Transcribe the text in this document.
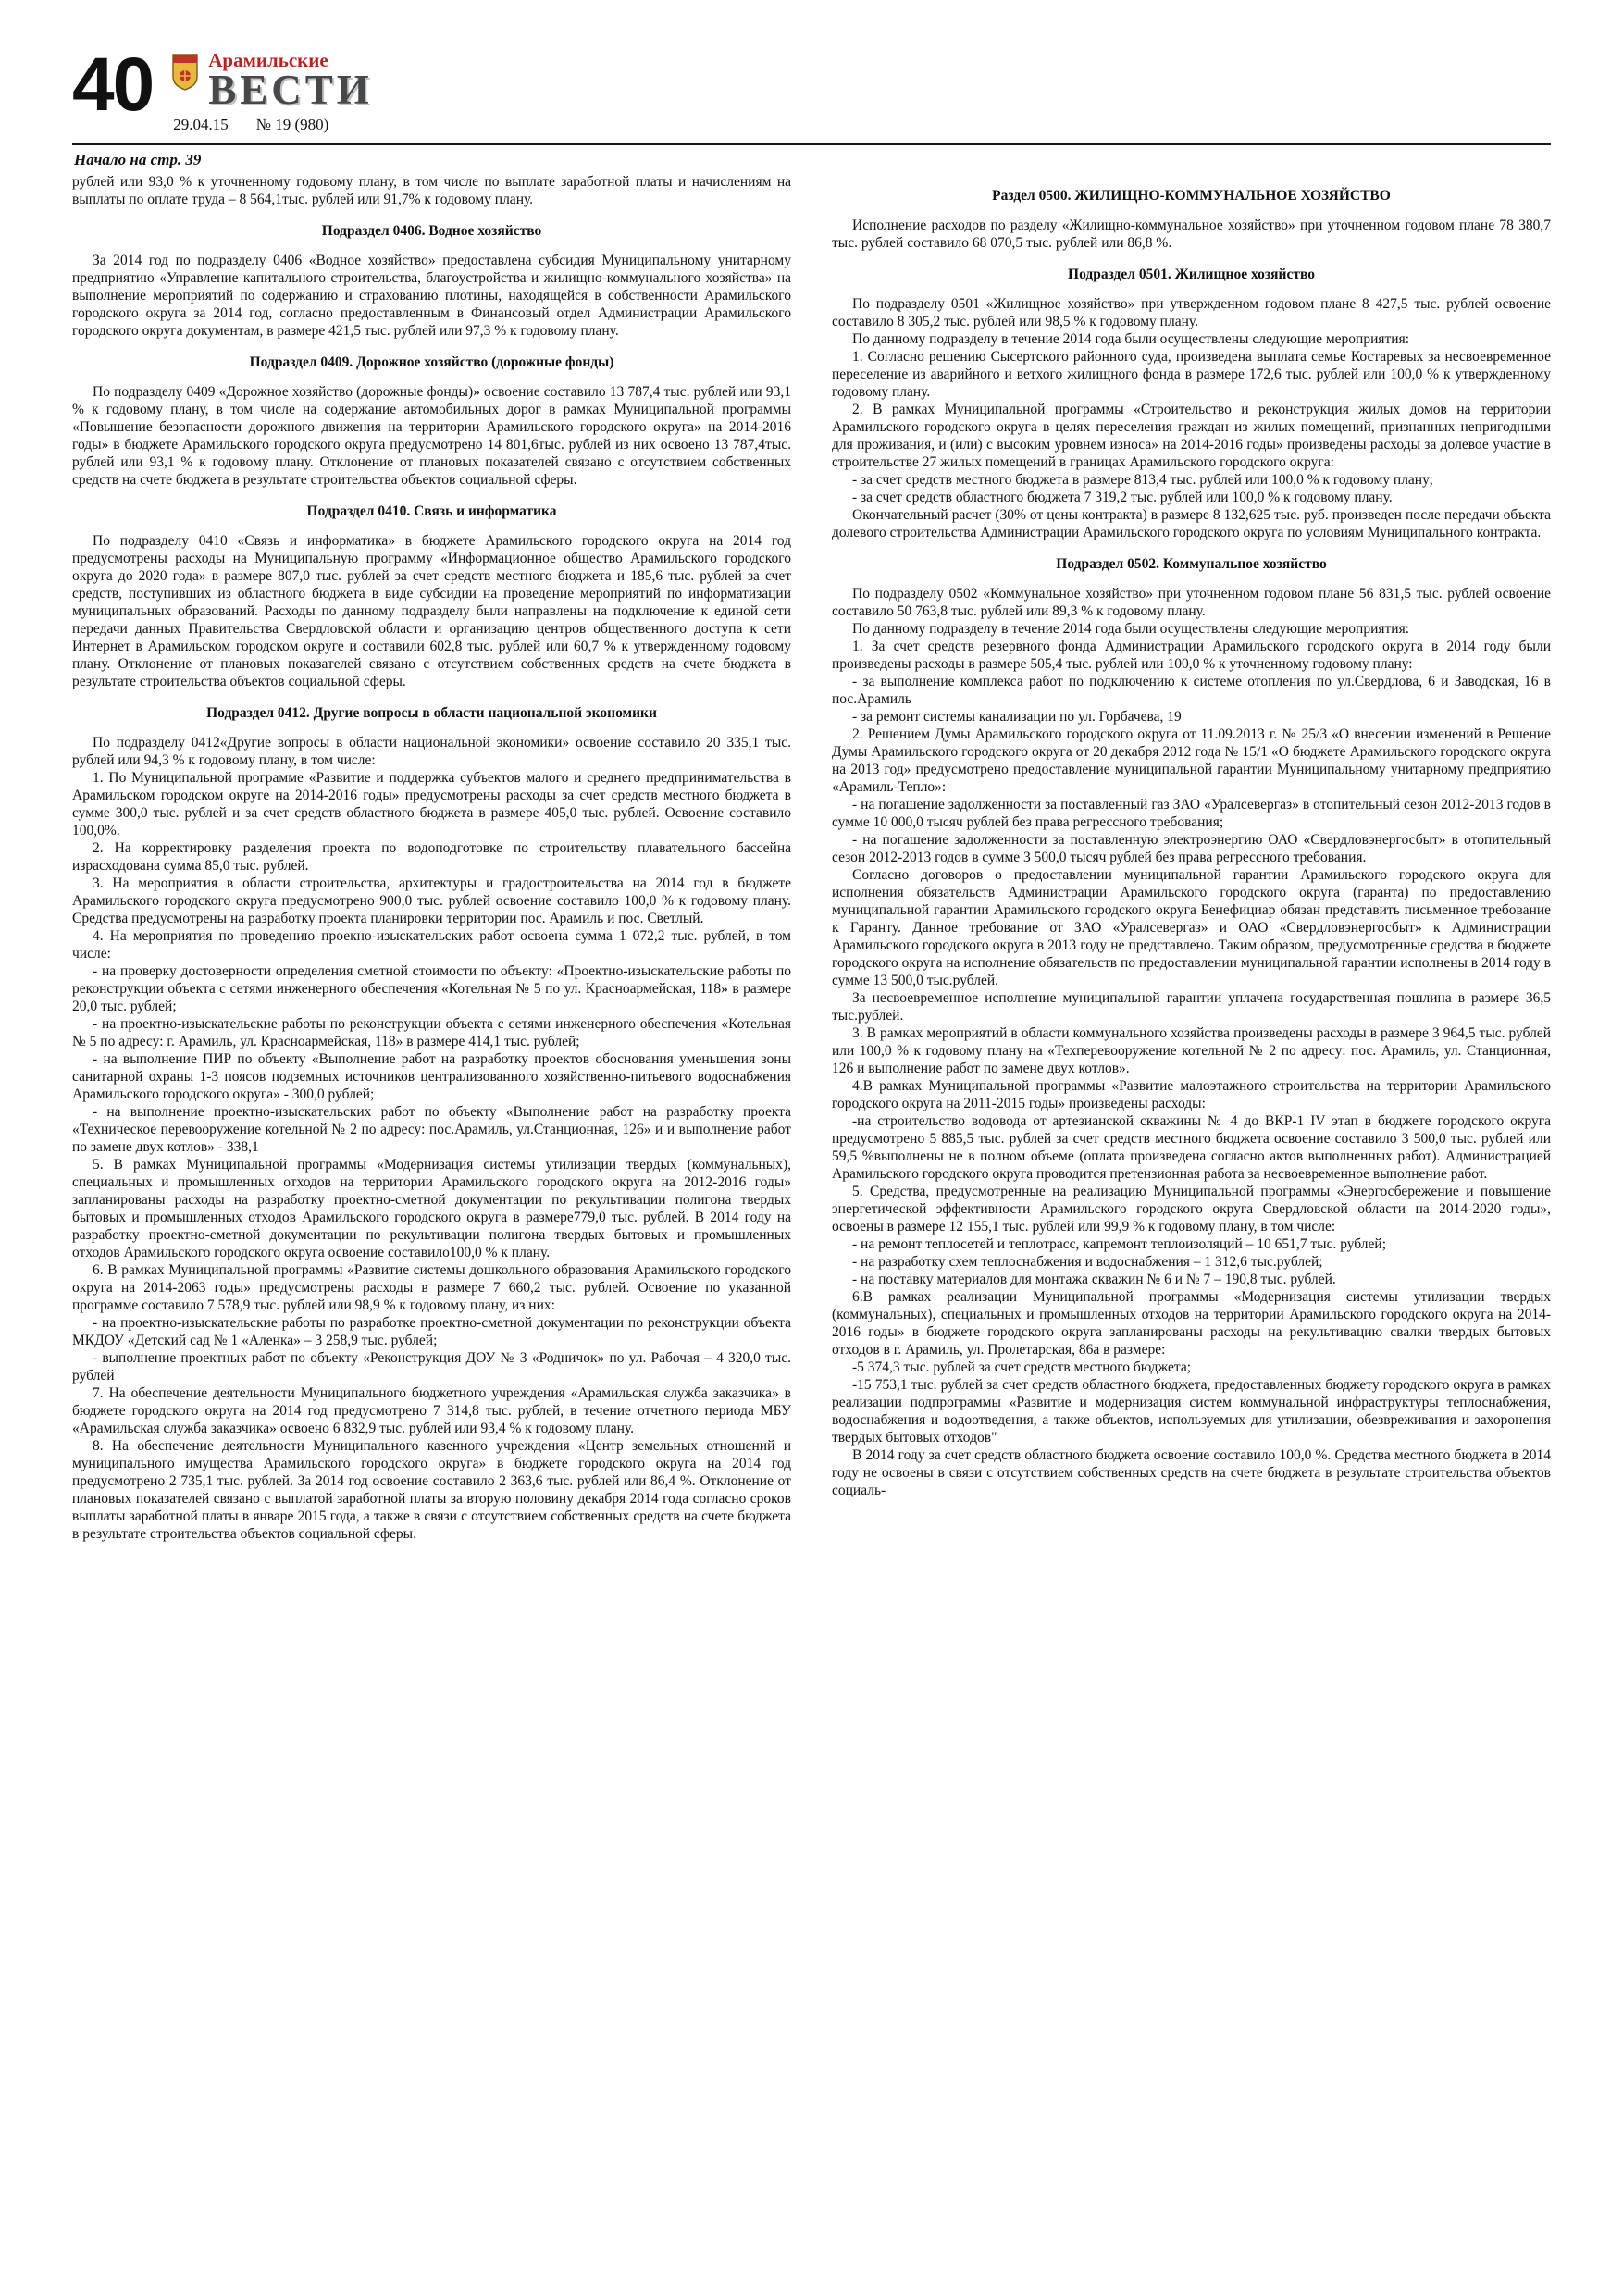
40	Арамильские
ВЕСТИ
29.04.15 № 19 (980)
Начало на стр. 39

рублей или 93,0 % к уточненному годовому плану, в том числе по выплате заработной платы и начислениям на выплаты по оплате труда – 8 564,1тыс. рублей или 91,7% к годовому плану.

Подраздел 0406. Водное хозяйство

За 2014 год по подразделу 0406 «Водное хозяйство» предоставлена субсидия Муниципальному унитарному предприятию «Управление капитального строительства, благоустройства и жилищно-коммунального хозяйства» на выполнение мероприятий по содержанию и страхованию плотины, находящейся в собственности Арамильского городского округа за 2014 год, согласно предоставленным в Финансовый отдел Администрации Арамильского городского округа документам, в размере 421,5 тыс. рублей или 97,3 % к годовому плану.

Подраздел 0409. Дорожное хозяйство (дорожные фонды)

По подразделу 0409 «Дорожное хозяйство (дорожные фонды)» освоение составило 13 787,4 тыс. рублей или 93,1 % к годовому плану, в том числе на содержание автомобильных дорог в рамках Муниципальной программы «Повышение безопасности дорожного движения на территории Арамильского городского округа» на 2014-2016 годы» в бюджете Арамильского городского округа предусмотрено 14 801,6тыс. рублей из них освоено 13 787,4тыс. рублей или 93,1 % к годовому плану. Отклонение от плановых показателей связано с отсутствием собственных средств на счете бюджета в результате строительства объектов социальной сферы.

Подраздел 0410. Связь и информатика

По подразделу 0410 «Связь и информатика» в бюджете Арамильского городского округа на 2014 год предусмотрены расходы на Муниципальную программу «Информационное общество Арамильского городского округа до 2020 года» в размере 807,0 тыс. рублей за счет средств местного бюджета и 185,6 тыс. рублей за счет средств, поступивших из областного бюджета в виде субсидии на проведение мероприятий по информатизации муниципальных образований. Расходы по данному подразделу были направлены на подключение к единой сети передачи данных Правительства Свердловской области и организацию центров общественного доступа к сети Интернет в Арамильском городском округе и составили 602,8 тыс. рублей или 60,7 % к утвержденному годовому плану. Отклонение от плановых показателей связано с отсутствием собственных средств на счете бюджета в результате строительства объектов социальной сферы.

Подраздел 0412. Другие вопросы в области национальной экономики

По подразделу 0412«Другие вопросы в области национальной экономики» освоение составило 20 335,1 тыс. рублей или 94,3 % к годовому плану, в том числе:

1. По Муниципальной программе «Развитие и поддержка субъектов малого и среднего предпринимательства в Арамильском городском округе на 2014-2016 годы» предусмотрены расходы за счет средств местного бюджета в сумме 300,0 тыс. рублей и за счет средств областного бюджета в размере 405,0 тыс. рублей. Освоение составило 100,0%.

2. На корректировку разделения проекта по водоподготовке по строительству плавательного бассейна израсходована сумма 85,0 тыс. рублей.

3. На мероприятия в области строительства, архитектуры и градостроительства на 2014 год в бюджете Арамильского городского округа предусмотрено 900,0 тыс. рублей освоение составило 100,0 % к годовому плану. Средства предусмотрены на разработку проекта планировки территории пос. Арамиль и пос. Светлый.

4. На мероприятия по проведению проекно-изыскательских работ освоена сумма 1 072,2 тыс. рублей, в том числе:

- на проверку достоверности определения сметной стоимости по объекту: «Проектно-изыскательские работы по реконструкции объекта с сетями инженерного обеспечения «Котельная № 5 по ул. Красноармейская, 118» в размере 20,0 тыс. рублей;

- на проектно-изыскательские работы по реконструкции объекта с сетями инженерного обеспечения «Котельная № 5 по адресу: г. Арамиль, ул. Красноармейская, 118» в размере 414,1 тыс. рублей;

- на выполнение ПИР по объекту «Выполнение работ на разработку проектов обоснования уменьшения зоны санитарной охраны 1-3 поясов подземных источников централизованного хозяйственно-питьевого водоснабжения Арамильского городского округа» - 300,0 рублей;

- на выполнение проектно-изыскательских работ по объекту «Выполнение работ на разработку проекта «Техническое перевооружение котельной № 2 по адресу: пос.Арамиль, ул.Станционная, 126» и и выполнение работ по замене двух котлов» - 338,1

5. В рамках Муниципальной программы «Модернизация системы утилизации твердых (коммунальных), специальных и промышленных отходов на территории Арамильского городского округа на 2012-2016 годы» запланированы расходы на разработку проектно-сметной документации по рекультивации полигона твердых бытовых и промышленных отходов Арамильского городского округа в размере779,0 тыс. рублей. В 2014 году на разработку проектно-сметной документации по рекультивации полигона твердых бытовых и промышленных отходов Арамильского городского округа освоение составило100,0 % к плану.

6. В рамках Муниципальной программы «Развитие системы дошкольного образования Арамильского городского округа на 2014-2063 годы» предусмотрены расходы в размере 7 660,2 тыс. рублей. Освоение по указанной программе составило 7 578,9 тыс. рублей или 98,9 % к годовому плану, из них:

- на проектно-изыскательские работы по разработке проектно-сметной документации по реконструкции объекта МКДОУ «Детский сад № 1 «Аленка» – 3 258,9 тыс. рублей;

- выполнение проектных работ по объекту «Реконструкция ДОУ № 3 «Родничок» по ул. Рабочая – 4 320,0 тыс. рублей

7. На обеспечение деятельности Муниципального бюджетного учреждения «Арамильская служба заказчика» в бюджете городского округа на 2014 год предусмотрено 7 314,8 тыс. рублей, в течение отчетного периода МБУ «Арамильская служба заказчика» освоено 6 832,9 тыс. рублей или 93,4 % к годовому плану.

8. На обеспечение деятельности Муниципального казенного учреждения «Центр земельных отношений и муниципального имущества Арамильского городского округа» в бюджете городского округа на 2014 год предусмотрено 2 735,1 тыс. рублей. За 2014 год освоение составило 2 363,6 тыс. рублей или 86,4 %. Отклонение от плановых показателей связано с выплатой заработной платы за вторую половину декабря 2014 года согласно сроков выплаты заработной платы в январе 2015 года, а также в связи с отсутствием собственных средств на счете бюджета в результате строительства объектов социальной сферы.

Раздел 0500. ЖИЛИЩНО-КОММУНАЛЬНОЕ ХОЗЯЙСТВО

Исполнение расходов по разделу «Жилищно-коммунальное хозяйство» при уточненном годовом плане 78 380,7 тыс. рублей составило 68 070,5 тыс. рублей или 86,8 %.

Подраздел 0501. Жилищное хозяйство

По подразделу 0501 «Жилищное хозяйство» при утвержденном годовом плане 8 427,5 тыс. рублей освоение составило 8 305,2 тыс. рублей или 98,5 % к годовому плану.

По данному подразделу в течение 2014 года были осуществлены следующие мероприятия:

1. Согласно решению Сысертского районного суда, произведена выплата семье Костаревых за несвоевременное переселение из аварийного и ветхого жилищного фонда в размере 172,6 тыс. рублей или 100,0 % к утвержденному годовому плану.

2. В рамках Муниципальной программы «Строительство и реконструкция жилых домов на территории Арамильского городского округа в целях переселения граждан из жилых помещений, признанных непригодными для проживания, и (или) с высоким уровнем износа» на 2014-2016 годы» произведены расходы за долевое участие в строительстве 27 жилых помещений в границах Арамильского городского округа:

- за счет средств местного бюджета в размере 813,4 тыс. рублей или 100,0 % к годовому плану;

- за счет средств областного бюджета 7 319,2 тыс. рублей или 100,0 % к годовому плану.

Окончательный расчет (30% от цены контракта) в размере 8 132,625 тыс. руб. произведен после передачи объекта долевого строительства Администрации Арамильского городского округа по условиям Муниципального контракта.

Подраздел 0502. Коммунальное хозяйство

По подразделу 0502 «Коммунальное хозяйство» при уточненном годовом плане 56 831,5 тыс. рублей освоение составило 50 763,8 тыс. рублей или 89,3 % к годовому плану.

По данному подразделу в течение 2014 года были осуществлены следующие мероприятия:

1. За счет средств резервного фонда Администрации Арамильского городского округа в 2014 году были произведены расходы в размере 505,4 тыс. рублей или 100,0 % к уточненному годовому плану:

- за выполнение комплекса работ по подключению к системе отопления по ул.Свердлова, 6 и Заводская, 16 в пос.Арамиль

- за ремонт системы канализации по ул. Горбачева, 19

2. Решением Думы Арамильского городского округа от 11.09.2013 г. № 25/3 «О внесении изменений в Решение Думы Арамильского городского округа от 20 декабря 2012 года № 15/1 «О бюджете Арамильского городского округа на 2013 год» предусмотрено предоставление муниципальной гарантии Муниципальному унитарному предприятию «Арамиль-Тепло»:

- на погашение задолженности за поставленный газ ЗАО «Уралсевергаз» в отопительный сезон 2012-2013 годов в сумме 10 000,0 тысяч рублей без права регрессного требования;

- на погашение задолженности за поставленную электроэнергию ОАО «Свердловэнергосбыт» в отопительный сезон 2012-2013 годов в сумме 3 500,0 тысяч рублей без права регрессного требования.

Согласно договоров о предоставлении муниципальной гарантии Арамильского городского округа для исполнения обязательств Администрации Арамильского городского округа (гаранта) по предоставлению муниципальной гарантии Арамильского городского округа Бенефициар обязан представить письменное требование к Гаранту. Данное требование от ЗАО «Уралсевергаз» и ОАО «Свердловэнергосбыт» к Администрации Арамильского городского округа в 2013 году не представлено. Таким образом, предусмотренные средства в бюджете городского округа на исполнение обязательств по предоставлении муниципальной гарантии исполнены в 2014 году в сумме 13 500,0 тыс.рублей.

За несвоевременное исполнение муниципальной гарантии уплачена государственная пошлина в размере 36,5 тыс.рублей.

3. В рамках мероприятий в области коммунального хозяйства произведены расходы в размере 3 964,5 тыс. рублей или 100,0 % к годовому плану на «Техперевооружение котельной № 2 по адресу: пос. Арамиль, ул. Станционная, 126 и выполнение работ по замене двух котлов».

4.В рамках Муниципальной программы «Развитие малоэтажного строительства на территории Арамильского городского округа на 2011-2015 годы» произведены расходы:

-на строительство водовода от артезианской скважины № 4 до ВКР-1 IV этап в бюджете городского округа предусмотрено 5 885,5 тыс. рублей за счет средств местного бюджета освоение составило 3 500,0 тыс. рублей или 59,5 %выполнены не в полном объеме (оплата произведена согласно актов выполненных работ). Администрацией Арамильского городского округа проводится претензионная работа за несвоевременное выполнение работ.

5. Средства, предусмотренные на реализацию Муниципальной программы «Энергосбережение и повышение энергетической эффективности Арамильского городского округа Свердловской области на 2014-2020 годы», освоены в размере 12 155,1 тыс. рублей или 99,9 % к годовому плану, в том числе:

- на ремонт теплосетей и теплотрасс, капремонт теплоизоляций – 10 651,7 тыс. рублей;

- на разработку схем теплоснабжения и водоснабжения – 1 312,6 тыс.рублей;

- на поставку материалов для монтажа скважин № 6 и № 7 – 190,8 тыс. рублей.

6.В рамках реализации Муниципальной программы «Модернизация системы утилизации твердых (коммунальных), специальных и промышленных отходов на территории Арамильского городского округа на 2014-2016 годы» в бюджете городского округа запланированы расходы на рекультивацию свалки твердых бытовых отходов в г. Арамиль, ул. Пролетарская, 86а в размере:

-5 374,3 тыс. рублей за счет средств местного бюджета;

-15 753,1 тыс. рублей за счет средств областного бюджета, предоставленных бюджету городского округа в рамках реализации подпрограммы «Развитие и модернизация систем коммунальной инфраструктуры теплоснабжения, водоснабжения и водоотведения, а также объектов, используемых для утилизации, обезвреживания и захоронения твердых бытовых отходов"

В 2014 году за счет средств областного бюджета освоение составило 100,0 %. Средства местного бюджета в 2014 году не освоены в связи с отсутствием собственных средств на счете бюджета в результате строительства объектов социаль-
